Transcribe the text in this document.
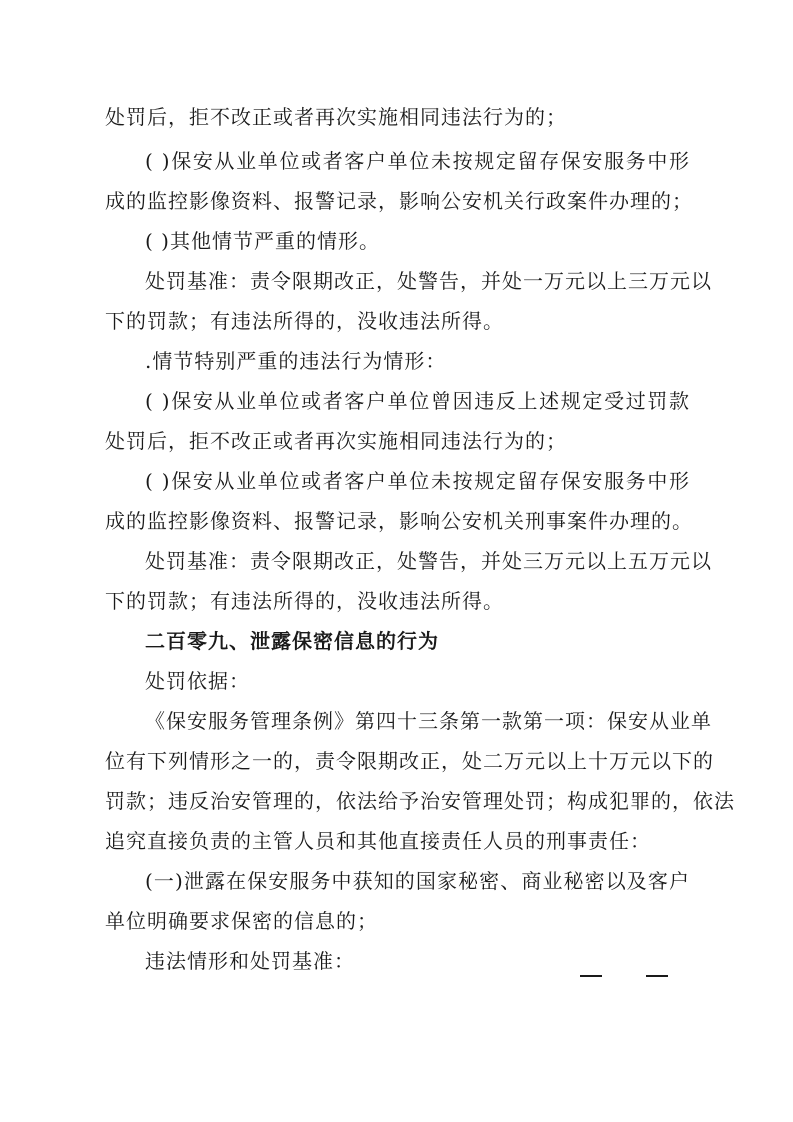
处罚后，拒不改正或者再次实施相同违法行为的；
( )保安从业单位或者客户单位未按规定留存保安服务中形
成的监控影像资料、报警记录，影响公安机关行政案件办理的；
( )其他情节严重的情形。
处罚基准：责令限期改正，处警告，并处一万元以上三万元以
下的罚款；有违法所得的，没收违法所得。
.情节特别严重的违法行为情形：
( )保安从业单位或者客户单位曾因违反上述规定受过罚款
处罚后，拒不改正或者再次实施相同违法行为的；
( )保安从业单位或者客户单位未按规定留存保安服务中形
成的监控影像资料、报警记录，影响公安机关刑事案件办理的。
处罚基准：责令限期改正，处警告，并处三万元以上五万元以
下的罚款；有违法所得的，没收违法所得。
二百零九、泄露保密信息的行为
处罚依据：
《保安服务管理条例》第四十三条第一款第一项：保安从业单
位有下列情形之一的，责令限期改正，处二万元以上十万元以下的
罚款；违反治安管理的，依法给予治安管理处罚；构成犯罪的，依法
追究直接负责的主管人员和其他直接责任人员的刑事责任：
(一)泄露在保安服务中获知的国家秘密、商业秘密以及客户
单位明确要求保密的信息的；
违法情形和处罚基准：
